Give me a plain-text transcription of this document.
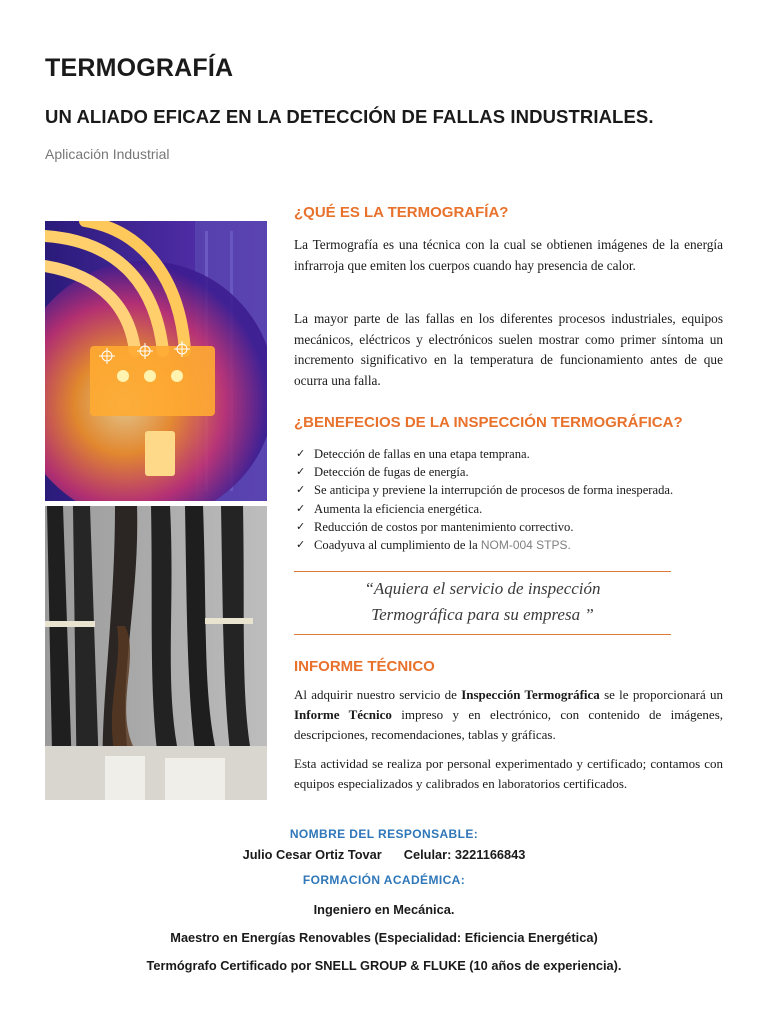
TERMOGRAFÍA
UN ALIADO EFICAZ EN LA DETECCIÓN DE FALLAS INDUSTRIALES.
Aplicación Industrial
¿QUÉ ES LA TERMOGRAFÍA?

La Termografía es una técnica con la cual se obtienen imágenes de la energía infrarroja que emiten los cuerpos cuando hay presencia de calor.

La mayor parte de las fallas en los diferentes procesos industriales, equipos mecánicos, eléctricos y electrónicos suelen mostrar como primer síntoma un incremento significativo en la temperatura de funcionamiento antes de que ocurra una falla.

¿BENEFECIOS DE LA INSPECCIÓN TERMOGRÁFICA?
✓ Detección de fallas en una etapa temprana.
✓ Detección de fugas de energía.
✓ Se anticipa y previene la interrupción de procesos de forma inesperada.
✓ Aumenta la eficiencia energética.
✓ Reducción de costos por mantenimiento correctivo.
✓ Coadyuva al cumplimiento de la NOM-004 STPS.

“Aquiera el servicio de inspección
Termográfica para su empresa ”

INFORME TÉCNICO

Al adquirir nuestro servicio de Inspección Termográfica se le proporcionará un Informe Técnico impreso y en electrónico, con contenido de imágenes, descripciones, recomendaciones, tablas y gráficas.

Esta actividad se realiza por personal experimentado y certificado; contamos con equipos especializados y calibrados en laboratorios certificados.

NOMBRE DEL RESPONSABLE:
Julio Cesar Ortiz Tovar Celular: 3221166843
FORMACIÓN ACADÉMICA:
Ingeniero en Mecánica.
Maestro en Energías Renovables (Especialidad: Eficiencia Energética)
Termógrafo Certificado por SNELL GROUP & FLUKE (10 años de experiencia).
